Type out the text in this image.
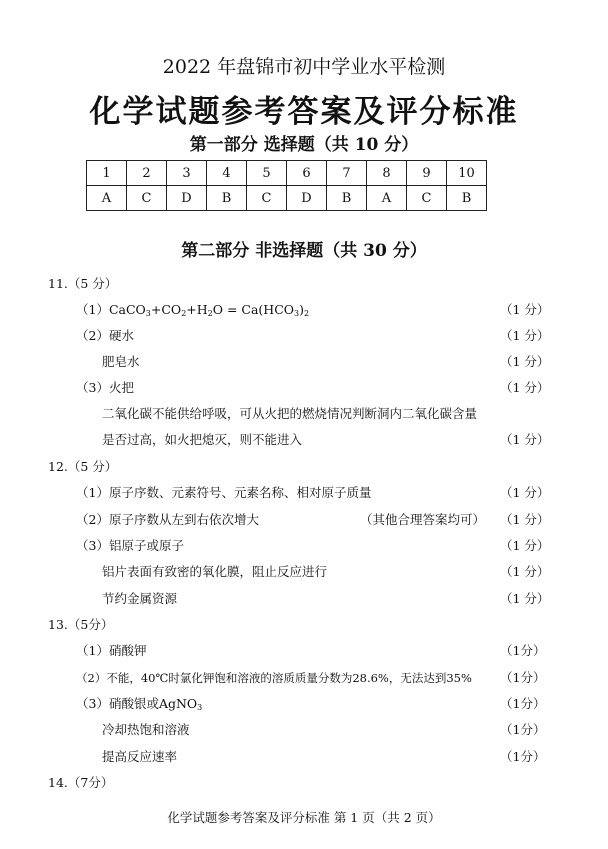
2022 年盘锦市初中学业水平检测
化学试题参考答案及评分标准
第一部分 选择题（共 10 分）
1	2	3	4	5	6	7	8	9	10
A	C	D	B	C	D	B	A	C	B
第二部分 非选择题（共 30 分）
11.（5 分）
$(1)CaCO_3+CO_2+H_2O = Ca(HCO_3)_2$	（1 分）
（2）硬水	（1 分）
肥皂水	（1 分）
（3）火把	（1 分）
二氧化碳不能供给呼吸，可从火把的燃烧情况判断洞内二氧化碳含量
是否过高，如火把熄灭，则不能进入	（1 分）
12.（5 分）
（1）原子序数、元素符号、元素名称、相对原子质量	（1 分）
（2）原子序数从左到右依次增大	（其他合理答案均可） （1 分）
（3）铝原子或原子	（1 分）
铝片表面有致密的氧化膜，阻止反应进行	（1 分）
节约金属资源	（1 分）
13.（5分）
（1）硝酸钾	（1分）
（2）不能，40℃时氯化钾饱和溶液的溶质质量分数为28.6%，无法达到35% （1分）
（3）硝酸银或AgNO$_3$	（1分）
冷却热饱和溶液	（1分）
提高反应速率	（1分）
14.（7分）
化学试题参考答案及评分标准 第 1 页（共 2 页）
